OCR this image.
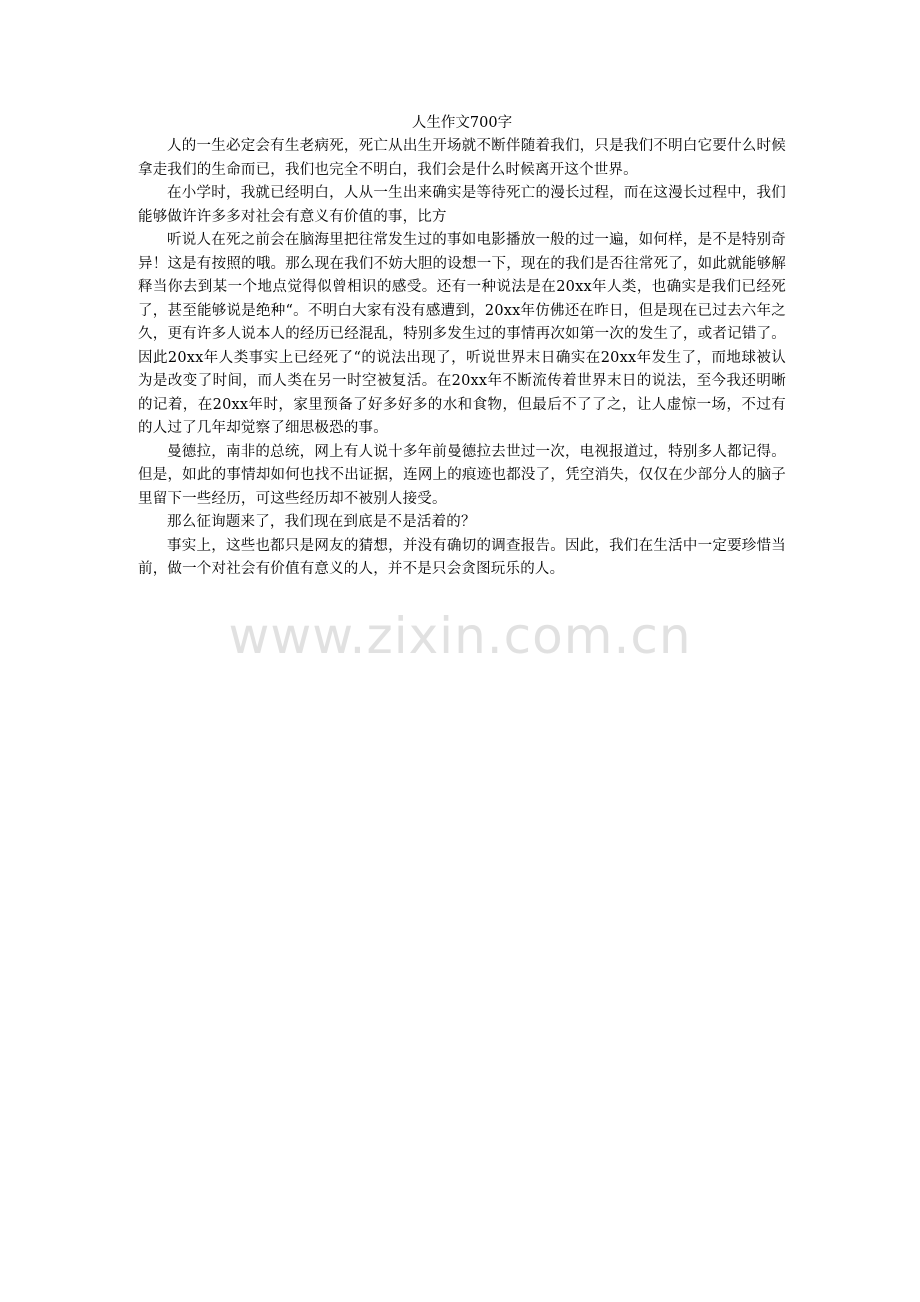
人生作文700字

人的一生必定会有生老病死，死亡从出生开场就不断伴随着我们，只是我们不明白它要什么时候拿走我们的生命而已，我们也完全不明白，我们会是什么时候离开这个世界。

在小学时，我就已经明白，人从一生出来确实是等待死亡的漫长过程，而在这漫长过程中，我们能够做许许多多对社会有意义有价值的事，比方

听说人在死之前会在脑海里把往常发生过的事如电影播放一般的过一遍，如何样，是不是特别奇异！这是有按照的哦。那么现在我们不妨大胆的设想一下，现在的我们是否往常死了，如此就能够解释当你去到某一个地点觉得似曾相识的感受。还有一种说法是在20xx年人类，也确实是我们已经死了，甚至能够说是绝种“。不明白大家有没有感遭到，20xx年仿佛还在昨日，但是现在已过去六年之久，更有许多人说本人的经历已经混乱，特别多发生过的事情再次如第一次的发生了，或者记错了。因此20xx年人类事实上已经死了“的说法出现了，听说世界末日确实在20xx年发生了，而地球被认为是改变了时间，而人类在另一时空被复活。在20xx年不断流传着世界末日的说法，至今我还明晰的记着，在20xx年时，家里预备了好多好多的水和食物，但最后不了了之，让人虚惊一场，不过有的人过了几年却觉察了细思极恐的事。

曼德拉，南非的总统，网上有人说十多年前曼德拉去世过一次，电视报道过，特别多人都记得。但是，如此的事情却如何也找不出证据，连网上的痕迹也都没了，凭空消失，仅仅在少部分人的脑子里留下一些经历，可这些经历却不被别人接受。

那么征询题来了，我们现在到底是不是活着的？

事实上，这些也都只是网友的猜想，并没有确切的调查报告。因此，我们在生活中一定要珍惜当前，做一个对社会有价值有意义的人，并不是只会贪图玩乐的人。

www.zixin.com.cn
